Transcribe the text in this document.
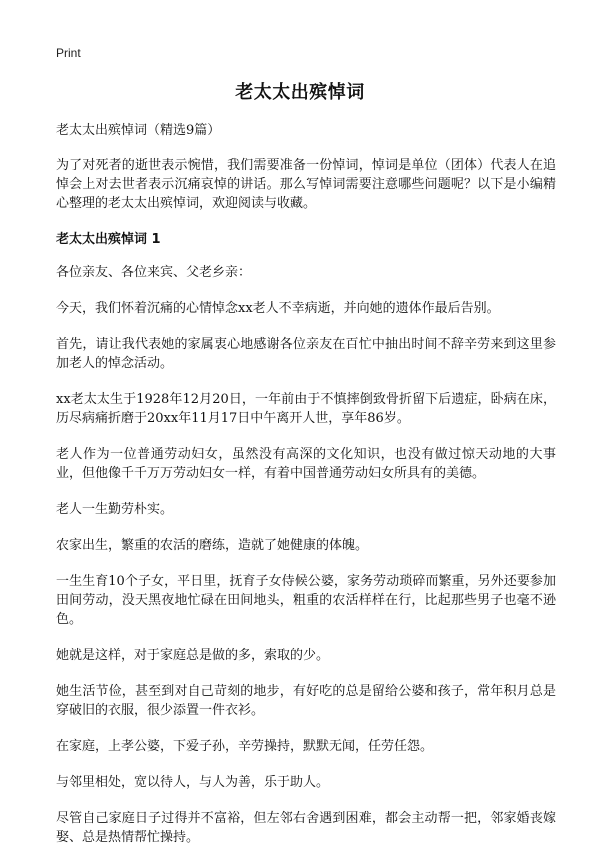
Print
老太太出殡悼词

老太太出殡悼词（精选9篇）

为了对死者的逝世表示惋惜，我们需要准备一份悼词，悼词是单位（团体）代表人在追悼会上对去世者表示沉痛哀悼的讲话。那么写悼词需要注意哪些问题呢？以下是小编精心整理的老太太出殡悼词，欢迎阅读与收藏。

老太太出殡悼词 1

各位亲友、各位来宾、父老乡亲：

今天，我们怀着沉痛的心情悼念xx老人不幸病逝，并向她的遗体作最后告别。

首先，请让我代表她的家属衷心地感谢各位亲友在百忙中抽出时间不辞辛劳来到这里参加老人的悼念活动。

xx老太太生于1928年12月20日，一年前由于不慎摔倒致骨折留下后遗症，卧病在床，历尽病痛折磨于20xx年11月17日中午离开人世，享年86岁。

老人作为一位普通劳动妇女，虽然没有高深的文化知识，也没有做过惊天动地的大事业，但他像千千万万劳动妇女一样，有着中国普通劳动妇女所具有的美德。

老人一生勤劳朴实。

农家出生，繁重的农活的磨练，造就了她健康的体魄。

一生生育10个子女，平日里，抚育子女侍候公婆，家务劳动琐碎而繁重，另外还要参加田间劳动，没天黑夜地忙碌在田间地头，粗重的农活样样在行，比起那些男子也毫不逊色。

她就是这样，对于家庭总是做的多，索取的少。

她生活节俭，甚至到对自己苛刻的地步，有好吃的总是留给公婆和孩子，常年积月总是穿破旧的衣服，很少添置一件衣衫。

在家庭，上孝公婆，下爱子孙，辛劳操持，默默无闻，任劳任怨。

与邻里相处，宽以待人，与人为善，乐于助人。

尽管自己家庭日子过得并不富裕，但左邻右舍遇到困难，都会主动帮一把，邻家婚丧嫁娶、总是热情帮忙操持。
